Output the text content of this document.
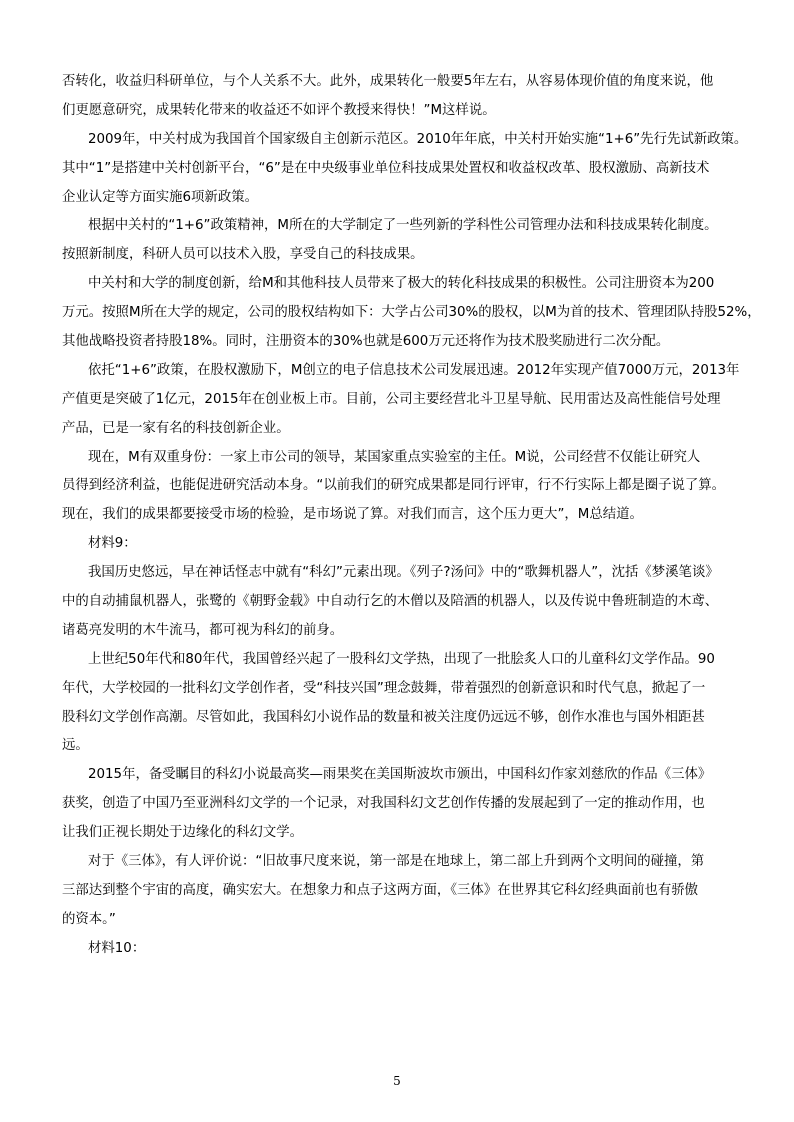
否转化，收益归科研单位，与个人关系不大。此外，成果转化一般要5年左右，从容易体现价值的角度来说，他
们更愿意研究，成果转化带来的收益还不如评个教授来得快！”M这样说。
2009年，中关村成为我国首个国家级自主创新示范区。2010年年底，中关村开始实施“1+6”先行先试新政策。
其中“1”是搭建中关村创新平台，“6”是在中央级事业单位科技成果处置权和收益权改革、股权激励、高新技术
企业认定等方面实施6项新政策。
根据中关村的“1+6”政策精神，M所在的大学制定了一些列新的学科性公司管理办法和科技成果转化制度。
按照新制度，科研人员可以技术入股，享受自己的科技成果。
中关村和大学的制度创新，给M和其他科技人员带来了极大的转化科技成果的积极性。公司注册资本为200
万元。按照M所在大学的规定，公司的股权结构如下：大学占公司30%的股权，以M为首的技术、管理团队持股52%，
其他战略投资者持股18%。同时，注册资本的30%也就是600万元还将作为技术股奖励进行二次分配。
依托“1+6”政策，在股权激励下，M创立的电子信息技术公司发展迅速。2012年实现产值7000万元，2013年
产值更是突破了1亿元，2015年在创业板上市。目前，公司主要经营北斗卫星导航、民用雷达及高性能信号处理
产品，已是一家有名的科技创新企业。
现在，M有双重身份：一家上市公司的领导，某国家重点实验室的主任。M说，公司经营不仅能让研究人
员得到经济利益，也能促进研究活动本身。“以前我们的研究成果都是同行评审，行不行实际上都是圈子说了算。
现在，我们的成果都要接受市场的检验，是市场说了算。对我们而言，这个压力更大”，M总结道。
材料9：
我国历史悠远，早在神话怪志中就有“科幻”元素出现。《列子?汤问》中的“歌舞机器人”，沈括《梦溪笔谈》
中的自动捕鼠机器人，张鹭的《朝野金载》中自动行乞的木僧以及陪酒的机器人，以及传说中鲁班制造的木鸢、
诸葛亮发明的木牛流马，都可视为科幻的前身。
上世纪50年代和80年代，我国曾经兴起了一股科幻文学热，出现了一批脍炙人口的儿童科幻文学作品。90
年代，大学校园的一批科幻文学创作者，受“科技兴国”理念鼓舞，带着强烈的创新意识和时代气息，掀起了一
股科幻文学创作高潮。尽管如此，我国科幻小说作品的数量和被关注度仍远远不够，创作水准也与国外相距甚
远。
2015年，备受瞩目的科幻小说最高奖—雨果奖在美国斯波坎市颁出，中国科幻作家刘慈欣的作品《三体》
获奖，创造了中国乃至亚洲科幻文学的一个记录，对我国科幻文艺创作传播的发展起到了一定的推动作用，也
让我们正视长期处于边缘化的科幻文学。
对于《三体》，有人评价说：“旧故事尺度来说，第一部是在地球上，第二部上升到两个文明间的碰撞，第
三部达到整个宇宙的高度，确实宏大。在想象力和点子这两方面，《三体》在世界其它科幻经典面前也有骄傲
的资本。”
材料10：
5
